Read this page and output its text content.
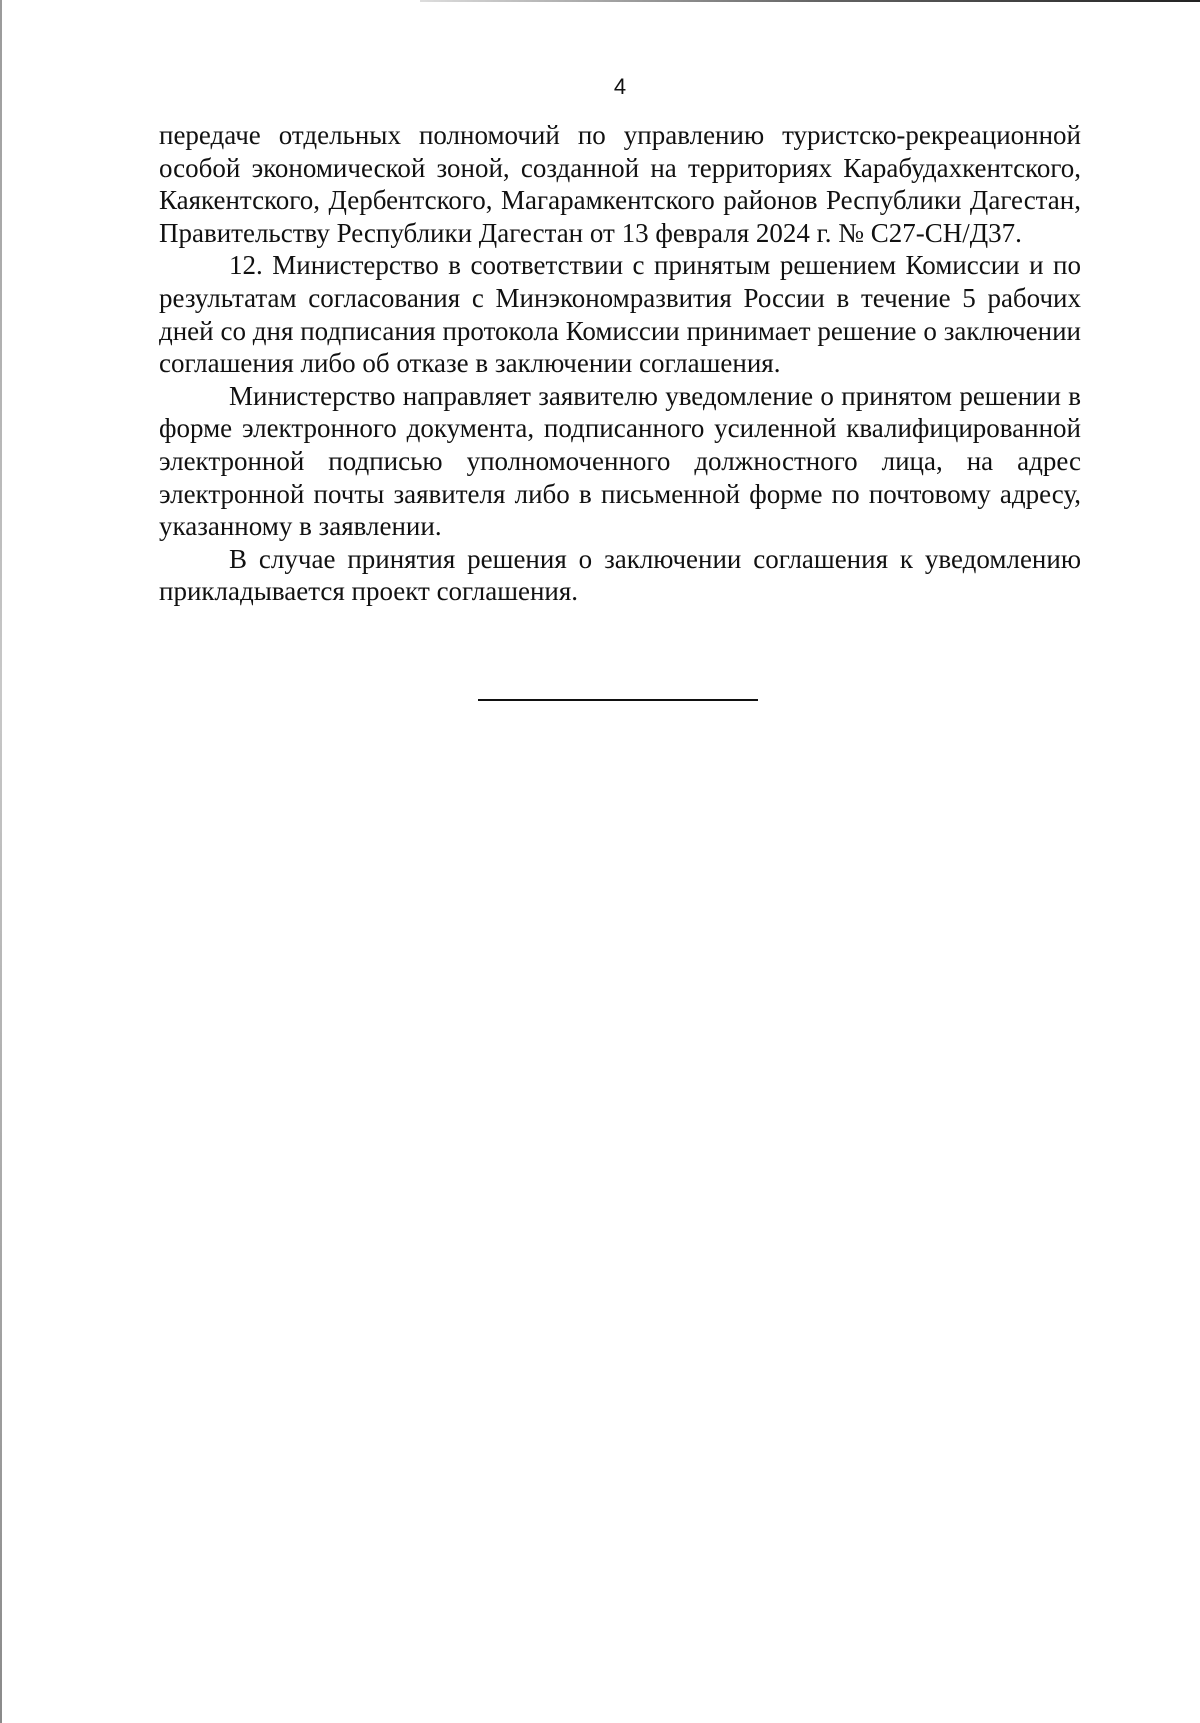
4

передаче отдельных полномочий по управлению туристско-рекреационной особой экономической зоной, созданной на территориях Карабудахкентского, Каякентского, Дербентского, Магарамкентского районов Республики Дагестан, Правительству Республики Дагестан от 13 февраля 2024 г. № С27-СН/Д37.

12. Министерство в соответствии с принятым решением Комиссии и по результатам согласования с Минэкономразвития России в течение 5 рабочих дней со дня подписания протокола Комиссии принимает решение о заключении соглашения либо об отказе в заключении соглашения.

Министерство направляет заявителю уведомление о принятом решении в форме электронного документа, подписанного усиленной квалифицированной электронной подписью уполномоченного должностного лица, на адрес электронной почты заявителя либо в письменной форме по почтовому адресу, указанному в заявлении.

В случае принятия решения о заключении соглашения к уведомлению прикладывается проект соглашения.
